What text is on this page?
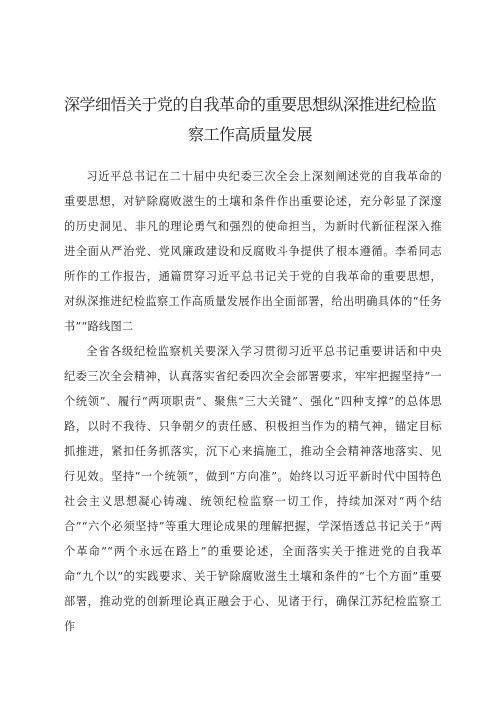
深学细悟关于党的自我革命的重要思想纵深推进纪检监
察工作高质量发展

习近平总书记在二十届中央纪委三次全会上深刻阐述党的自我革命的重要思想，对铲除腐败滋生的土壤和条件作出重要论述，充分彰显了深邃的历史洞见、非凡的理论勇气和强烈的使命担当，为新时代新征程深入推进全面从严治党、党风廉政建设和反腐败斗争提供了根本遵循。李希同志所作的工作报告，通篇贯穿习近平总书记关于党的自我革命的重要思想，对纵深推进纪检监察工作高质量发展作出全面部署，给出明确具体的“任务书”“路线图二

全省各级纪检监察机关要深入学习贯彻习近平总书记重要讲话和中央纪委三次全会精神，认真落实省纪委四次全会部署要求，牢牢把握坚持“一个统领”、履行“两项职责”、聚焦“三大关键”、强化“四种支撑”的总体思路，以时不我待、只争朝夕的责任感、积极担当作为的精气神，锚定目标抓推进，紧扣任务抓落实，沉下心来搞施工，推动全会精神落地落实、见行见效。坚持“一个统领”，做到“方向准”。始终以习近平新时代中国特色社会主义思想凝心铸魂、统领纪检监察一切工作，持续加深对“两个结合”“六个必须坚持”等重大理论成果的理解把握，学深悟透总书记关于“两个革命”“两个永远在路上”的重要论述，全面落实关于推进党的自我革命“九个以”的实践要求、关于铲除腐败滋生土壤和条件的“七个方面”重要部署，推动党的创新理论真正融会于心、见诸于行，确保江苏纪检监察工作
